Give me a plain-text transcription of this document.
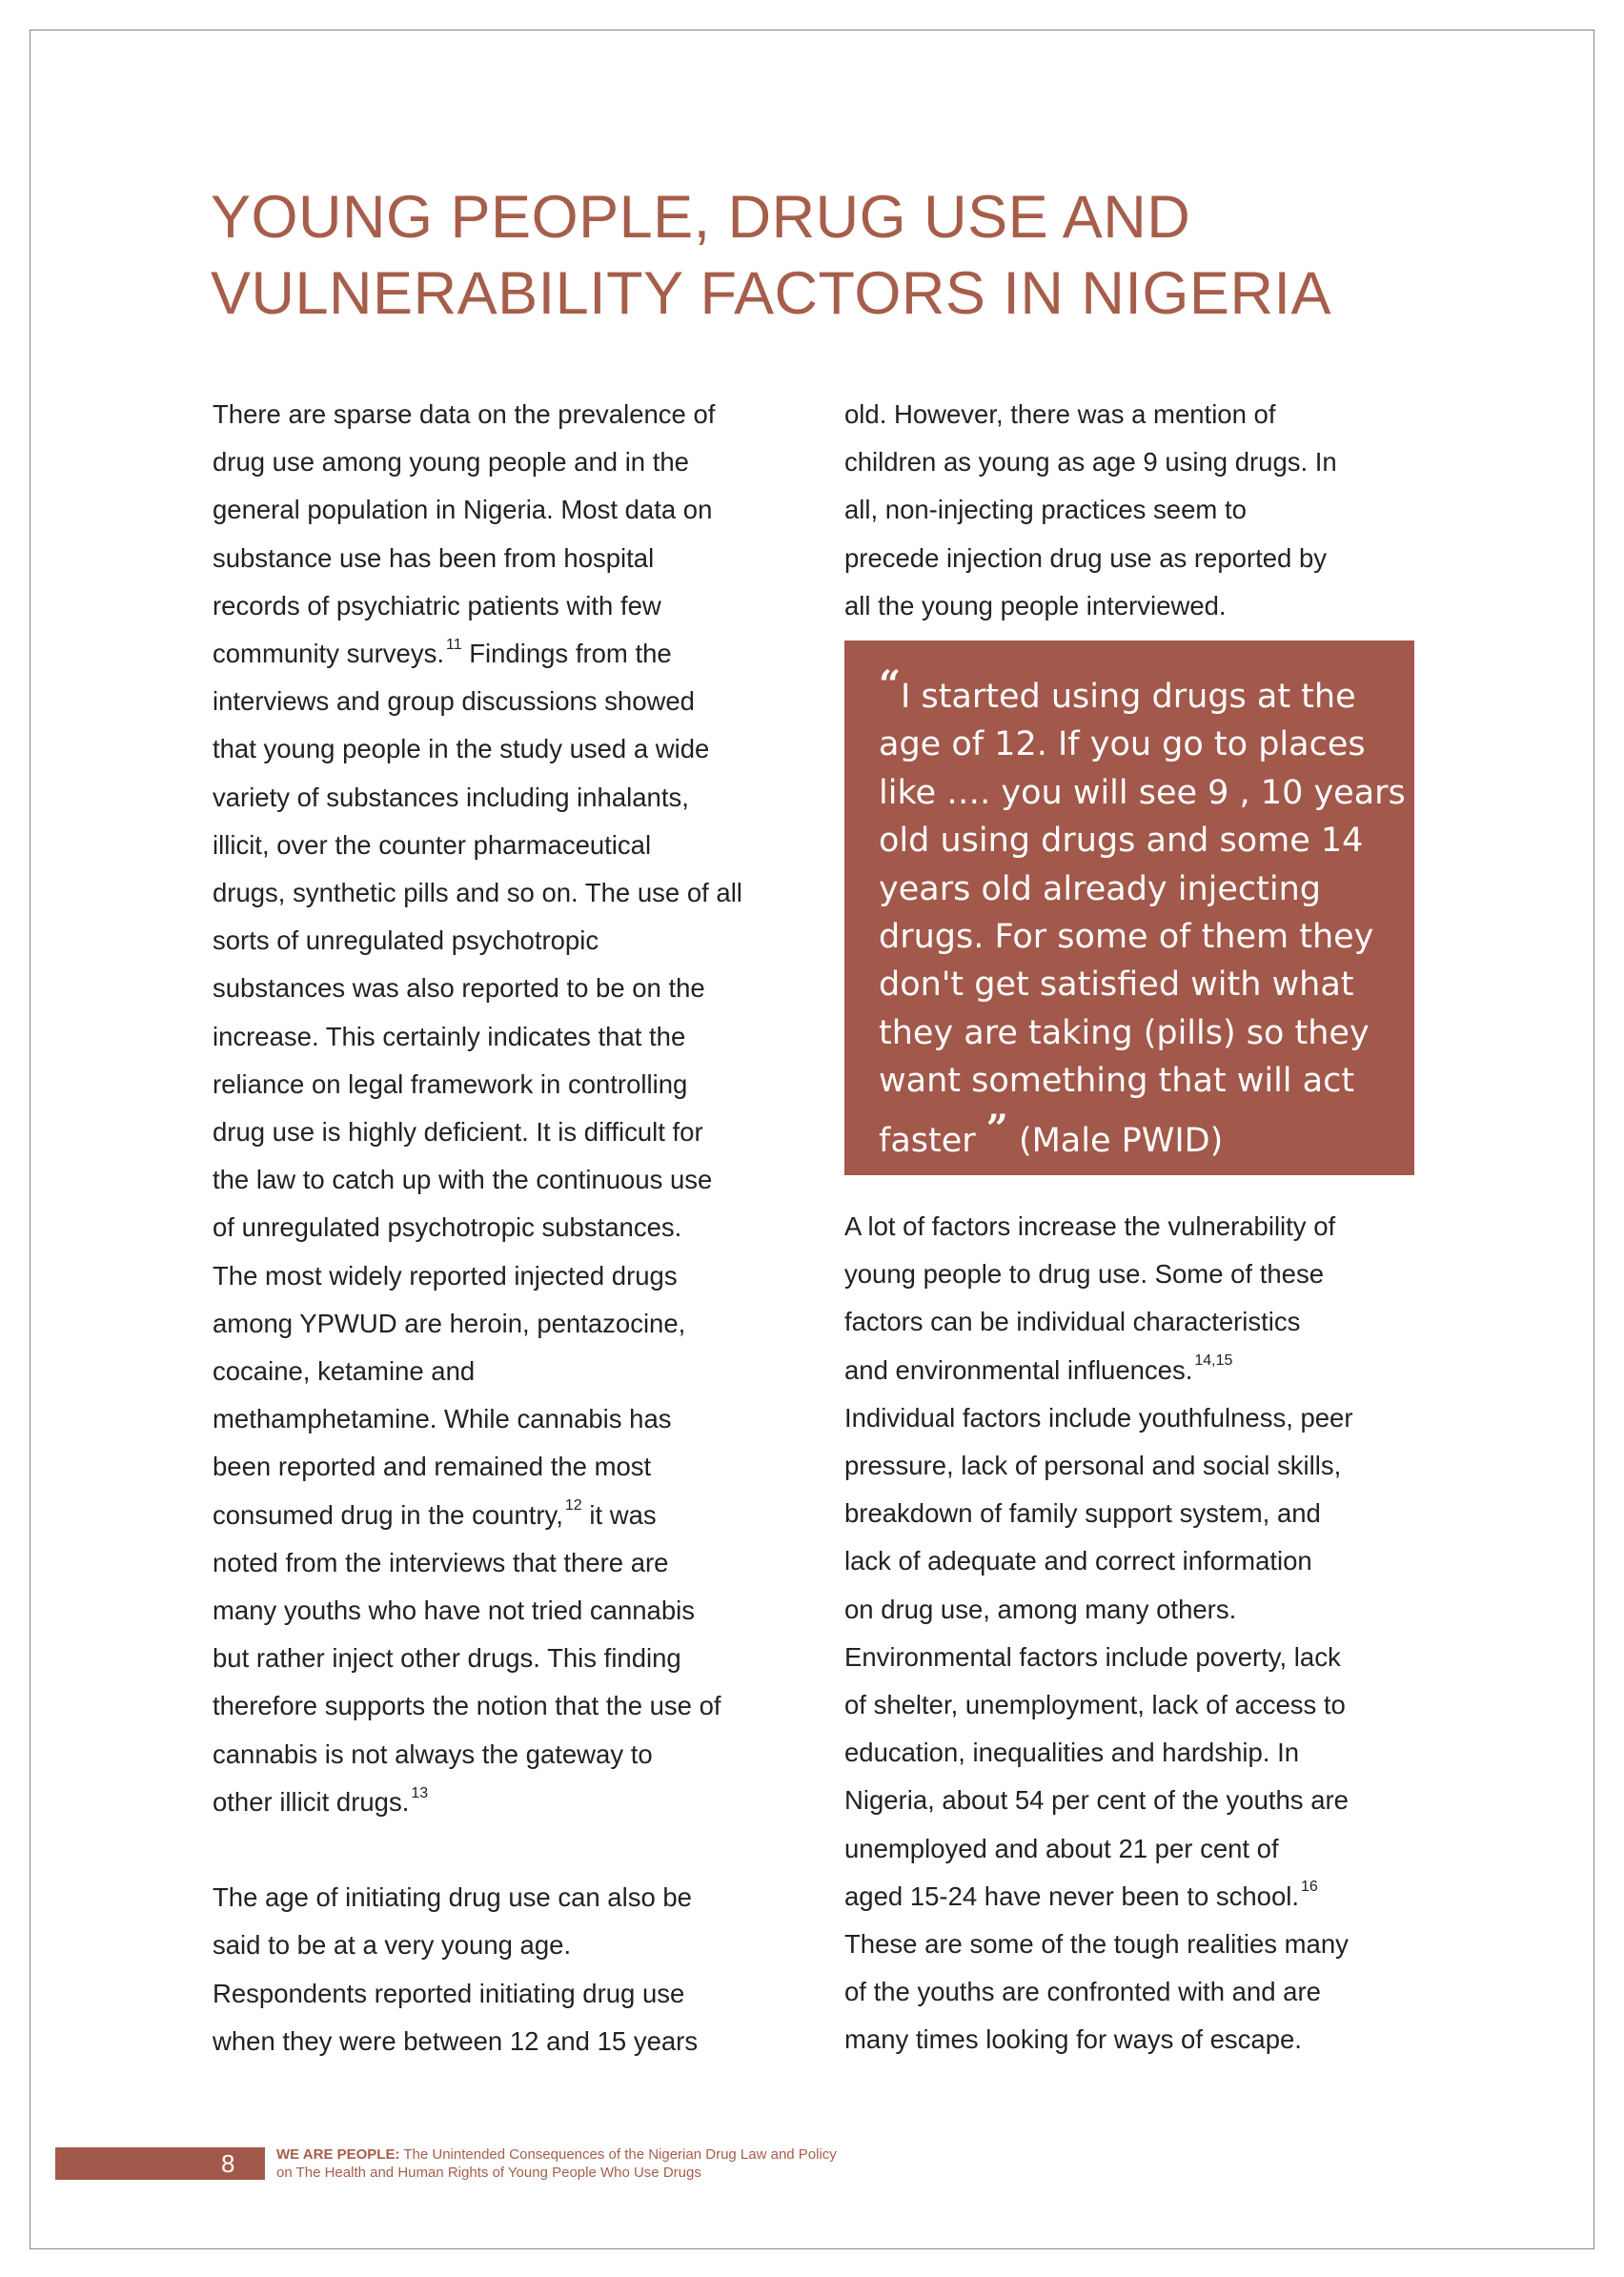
YOUNG PEOPLE, DRUG USE AND
VULNERABILITY FACTORS IN NIGERIA
There are sparse data on the prevalence of
drug use among young people and in the
general population in Nigeria. Most data on
substance use has been from hospital
records of psychiatric patients with few
community surveys. $^{11}$ Findings from the
interviews and group discussions showed
that young people in the study used a wide
variety of substances including inhalants,
illicit, over the counter pharmaceutical
drugs, synthetic pills and so on. The use of all
sorts of unregulated psychotropic
substances was also reported to be on the
increase. This certainly indicates that the
reliance on legal framework in controlling
drug use is highly deficient. It is difficult for
the law to catch up with the continuous use
of unregulated psychotropic substances.
The most widely reported injected drugs
among YPWUD are heroin, pentazocine,
cocaine, ketamine and
methamphetamine. While cannabis has
been reported and remained the most
consumed drug in the country, $^{12}$ it was
noted from the interviews that there are
many youths who have not tried cannabis
but rather inject other drugs. This finding
therefore supports the notion that the use of
cannabis is not always the gateway to
other illicit drugs. $^{13}$
The age of initiating drug use can also be
said to be at a very young age.
Respondents reported initiating drug use
when they were between 12 and 15 years
old. However, there was a mention of
children as young as age 9 using drugs. In
all, non-injecting practices seem to
precede injection drug use as reported by
all the young people interviewed.
“I started using drugs at the
age of 12. If you go to places
like …. you will see 9 , 10 years
old using drugs and some 14
years old already injecting
drugs. For some of them they
don't get satisfied with what
they are taking (pills) so they
want something that will act
faster ” (Male PWID)
A lot of factors increase the vulnerability of
young people to drug use. Some of these
factors can be individual characteristics
and environmental influences. $^{14,15}$
Individual factors include youthfulness, peer
pressure, lack of personal and social skills,
breakdown of family support system, and
lack of adequate and correct information
on drug use, among many others.
Environmental factors include poverty, lack
of shelter, unemployment, lack of access to
education, inequalities and hardship. In
Nigeria, about 54 per cent of the youths are
unemployed and about 21 per cent of
aged 15-24 have never been to school. $^{16}$
These are some of the tough realities many
of the youths are confronted with and are
many times looking for ways of escape.
8	WE ARE PEOPLE: The Unintended Consequences of the Nigerian Drug Law and Policy
on The Health and Human Rights of Young People Who Use Drugs
